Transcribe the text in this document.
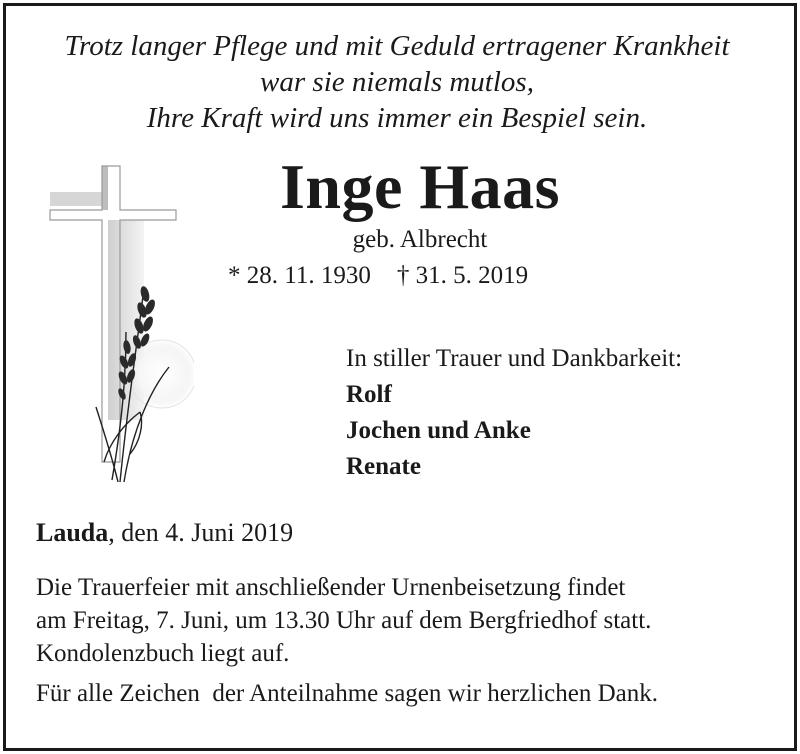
Trotz langer Pflege und mit Geduld ertragener Krankheit
war sie niemals mutlos,
Ihre Kraft wird uns immer ein Bespiel sein.
Inge Haas
geb. Albrecht
* 28. 11. 1930 † 31. 5. 2019
In stiller Trauer und Dankbarkeit:
Rolf
Jochen und Anke
Renate
Lauda, den 4. Juni 2019
Die Trauerfeier mit anschließender Urnenbeisetzung findet
am Freitag, 7. Juni, um 13.30 Uhr auf dem Bergfriedhof statt.
Kondolenzbuch liegt auf.
Für alle Zeichen  der Anteilnahme sagen wir herzlichen Dank.
